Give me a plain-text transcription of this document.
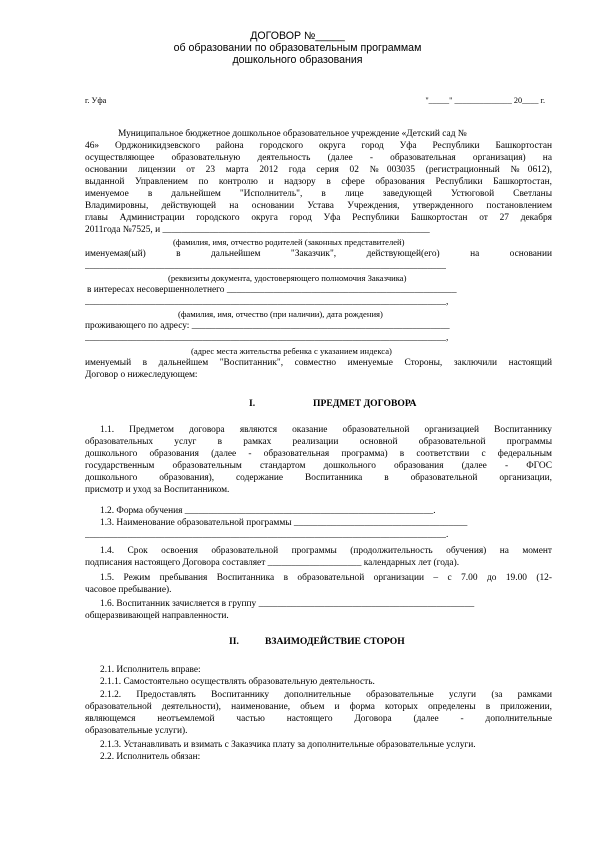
ДОГОВОР №_____
об образовании по образовательным программам
дошкольного образования
г. Уфа	"_____" ______________ 20____ г.
Муниципальное бюджетное дошкольное образовательное учреждение «Детский сад №
46» Орджоникидзевского района городского округа город Уфа Республики Башкортостан
осуществляющее образовательную деятельность (далее - образовательная организация) на
основании лицензии от 23 марта 2012 года серия 02 №003035 (регистрационный №0612),
выданной Управлением по контролю и надзору в сфере образования Республики Башкортостан,
именуемое в дальнейшем "Исполнитель", в лице заведующей Устюговой Светланы
Владимировны, действующей на основании Устава Учреждения, утвержденного постановлением
главы Администрации городского округа город Уфа Республики Башкортостан от 27 декабря
2011года №7525, и _________________________________________________________
(фамилия, имя, отчество родителей (законных представителей)
именуемая(ый) в дальнейшем "Заказчик", действующей(его) на основании
_____________________________________________________________________________
(реквизиты документа, удостоверяющего полномочия Заказчика)
в интересах несовершеннолетнего _________________________________________________
_____________________________________________________________________________,
(фамилия, имя, отчество (при наличии), дата рождения)
проживающего по адресу: _______________________________________________________
_____________________________________________________________________________,
(адрес места жительства ребенка с указанием индекса)
именуемый в дальнейшем "Воспитанник", совместно именуемые Стороны, заключили настоящий
Договор о нижеследующем:
I.	ПРЕДМЕТ ДОГОВОРА
1.1. Предметом договора являются оказание образовательной организацией Воспитаннику
образовательных услуг в рамках реализации основной образовательной программы
дошкольного образования (далее - образовательная программа) в соответствии с федеральным
государственным образовательным стандартом дошкольного образования (далее - ФГОС
дошкольного образования), содержание Воспитанника в образовательной организации,
присмотр и уход за Воспитанником.
1.2. Форма обучения _____________________________________________________.
1.3. Наименование образовательной программы _____________________________________
_____________________________________________________________________________.
1.4. Срок освоения образовательной программы (продолжительность обучения) на момент
подписания настоящего Договора составляет ____________________ календарных лет (года).
1.5. Режим пребывания Воспитанника в образовательной организации – с 7.00 до 19.00 (12-
часовое пребывание).
1.6. Воспитанник зачисляется в группу ______________________________________________
общеразвивающей направленности.
II.	ВЗАИМОДЕЙСТВИЕ СТОРОН
2.1. Исполнитель вправе:
2.1.1. Самостоятельно осуществлять образовательную деятельность.
2.1.2. Предоставлять Воспитаннику дополнительные образовательные услуги (за рамками
образовательной деятельности), наименование, объем и форма которых определены в приложении,
являющемся неотъемлемой частью настоящего Договора (далее - дополнительные
образовательные услуги).
2.1.3. Устанавливать и взимать с Заказчика плату за дополнительные образовательные услуги.
2.2. Исполнитель обязан:
